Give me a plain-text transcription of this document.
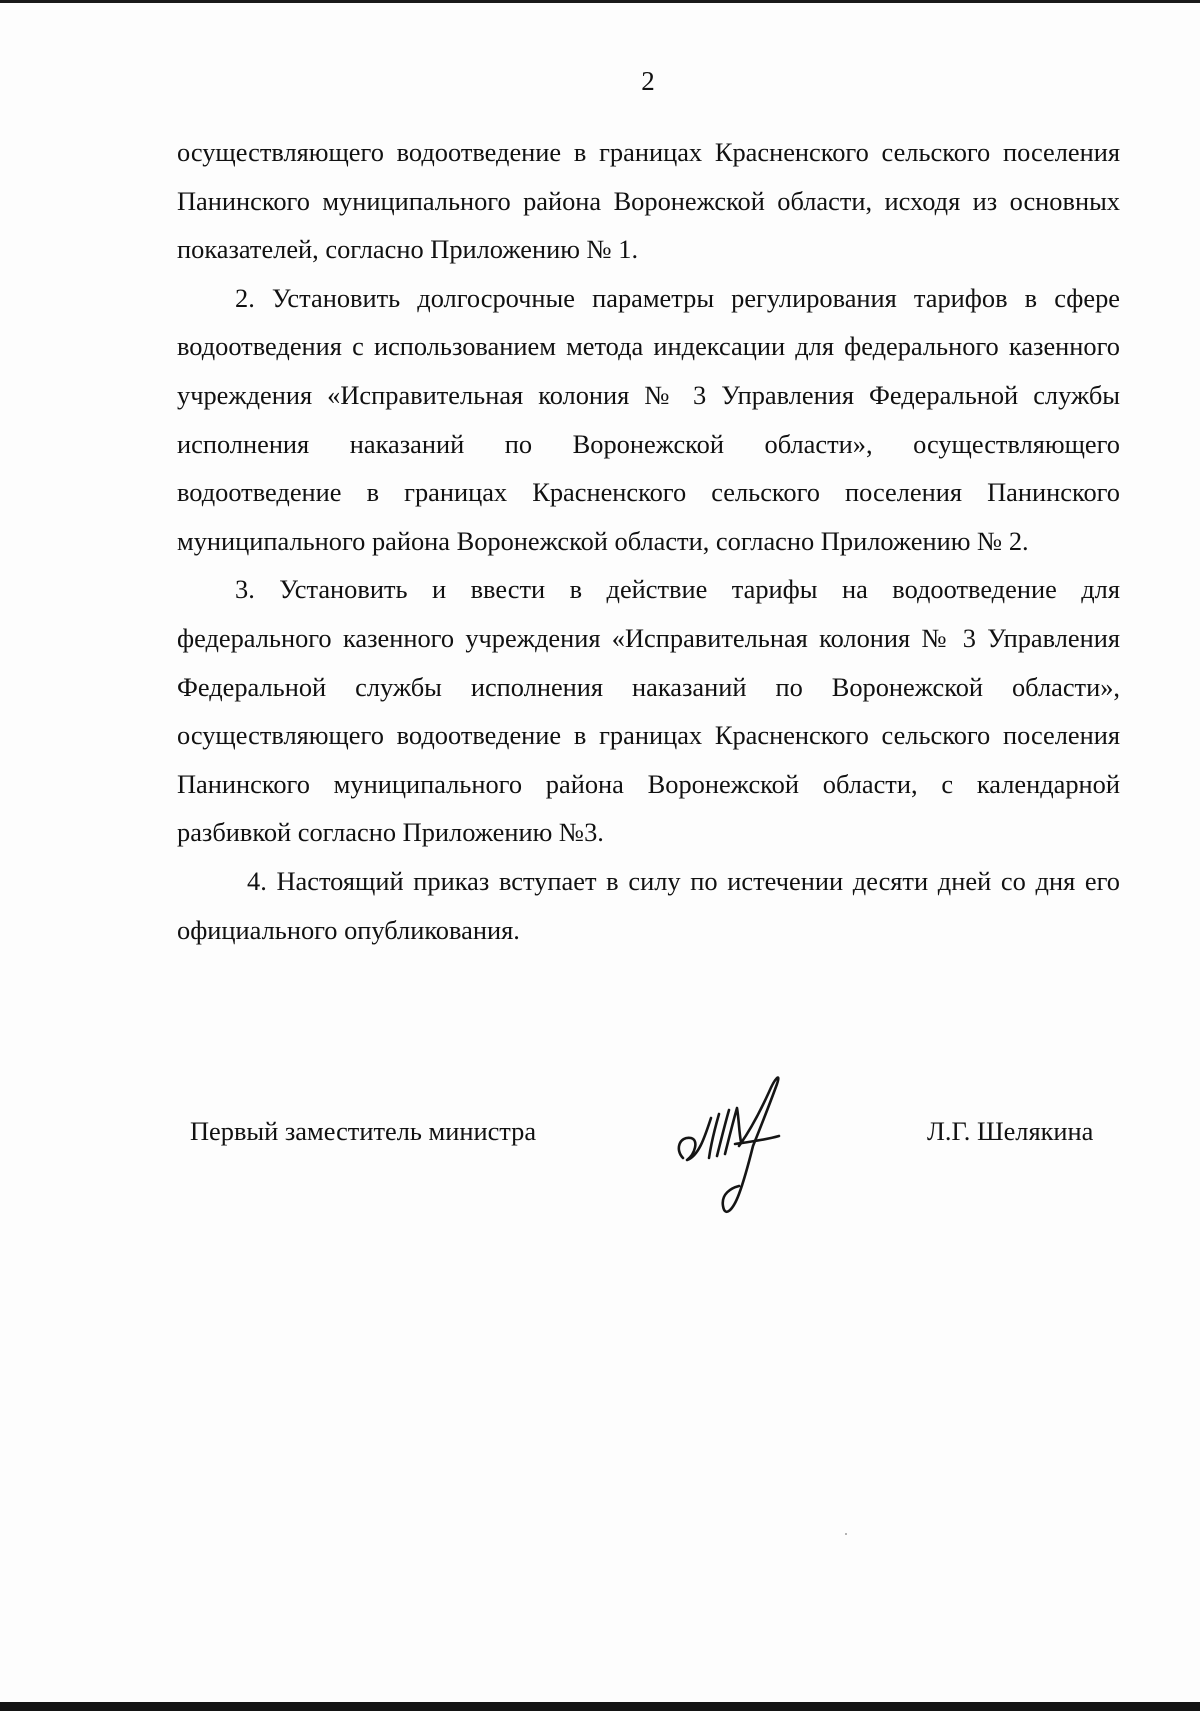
2

осуществляющего водоотведение в границах Красненского сельского поселения Панинского муниципального района Воронежской области, исходя из основных показателей, согласно Приложению № 1.

2. Установить долгосрочные параметры регулирования тарифов в сфере водоотведения с использованием метода индексации для федерального казенного учреждения «Исправительная колония № 3 Управления Федеральной службы исполнения наказаний по Воронежской области», осуществляющего водоотведение в границах Красненского сельского поселения Панинского муниципального района Воронежской области, согласно Приложению № 2.

3. Установить и ввести в действие тарифы на водоотведение для федерального казенного учреждения «Исправительная колония № 3 Управления Федеральной службы исполнения наказаний по Воронежской области», осуществляющего водоотведение в границах Красненского сельского поселения Панинского муниципального района Воронежской области, с календарной разбивкой согласно Приложению №3.

4. Настоящий приказ вступает в силу по истечении десяти дней со дня его официального опубликования.

Первый заместитель министра	Л.Г. Шелякина
